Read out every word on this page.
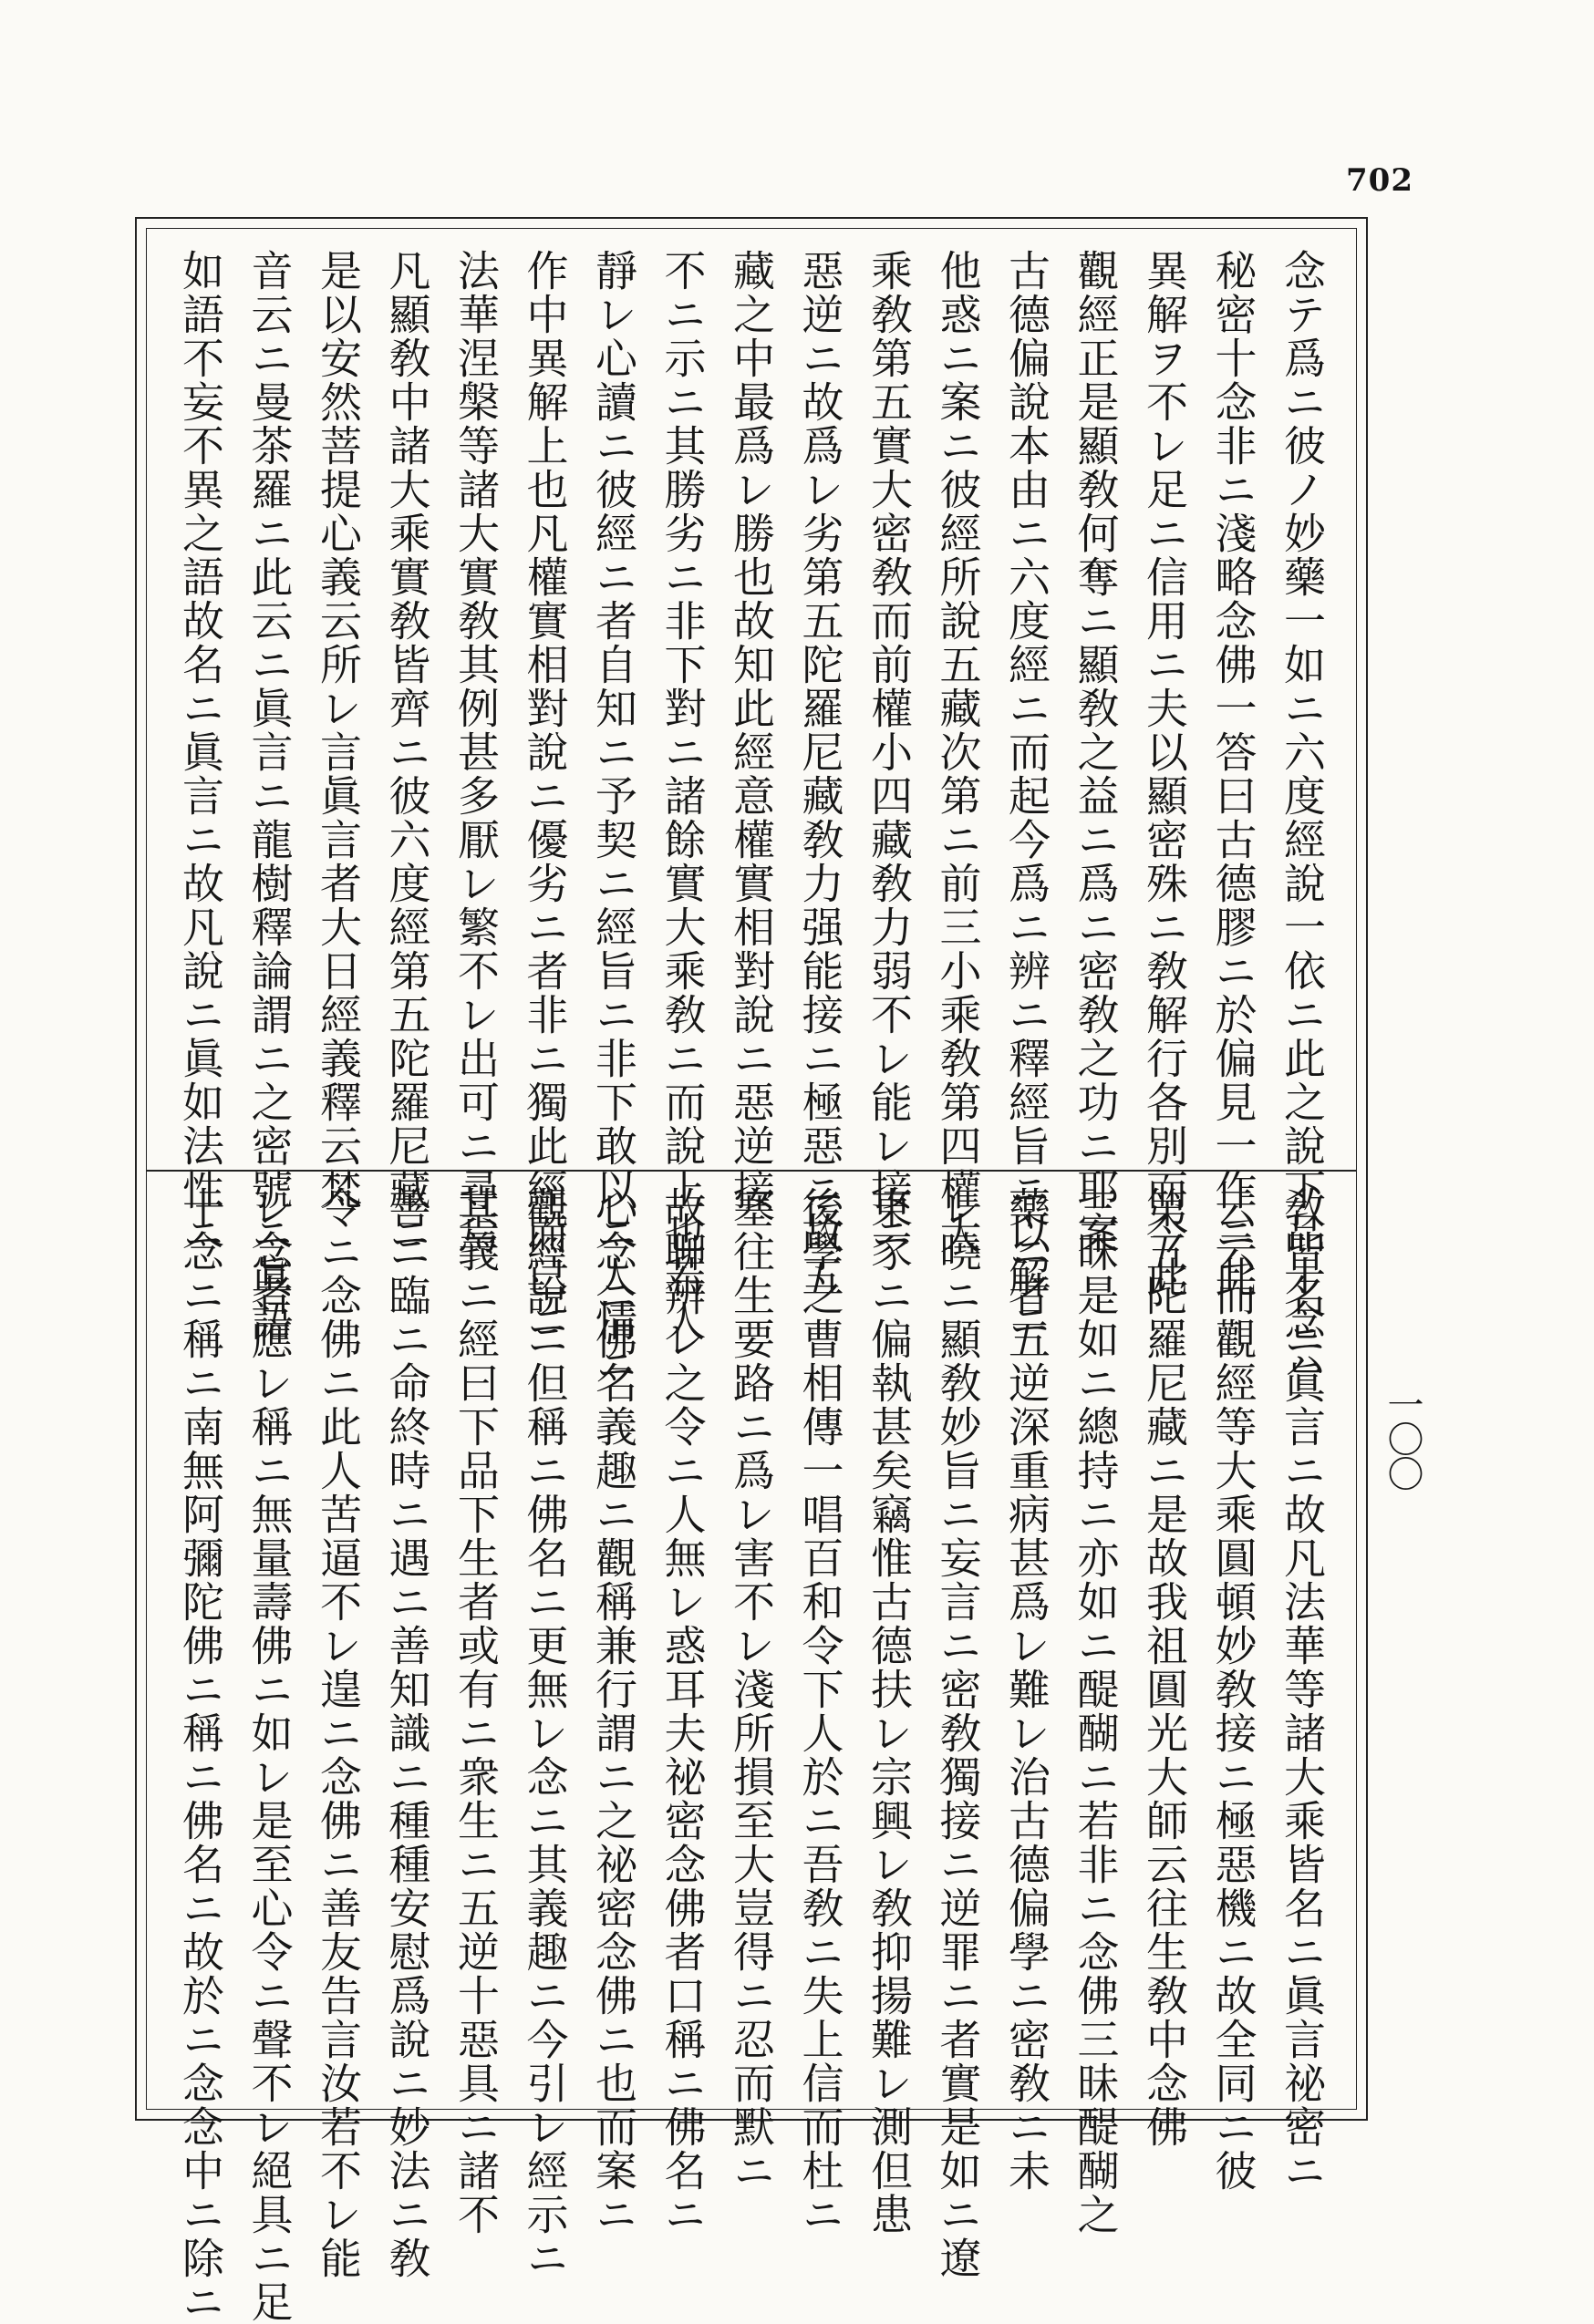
702
念テ爲ニ彼ノ妙藥一如ニ六度經說一依ニ此之說下品十念ハ
秘密十念非ニ淺略念佛一答曰古德膠ニ於偏見一作ニ此
異解ヲ不レ足ニ信用ニ夫以顯密殊ニ敎解行各別而今此
觀經正是顯敎何奪ニ顯敎之益ニ爲ニ密敎之功ニ耶案
古德偏說本由ニ六度經ニ而起今爲ニ辨ニ釋經旨ニ以解ニ
他惑ニ案ニ彼經所說五藏次第ニ前三小乘敎第四權大
乘敎第五實大密敎而前權小四藏敎力弱不レ能レ接ニ
惡逆ニ故爲レ劣第五陀羅尼藏敎力强能接ニ極惡ニ故五
藏之中最爲レ勝也故知此經意權實相對說ニ惡逆接
不ニ示ニ其勝劣ニ非下對ニ諸餘實大乘敎ニ而說上也若人
靜レ心讀ニ彼經ニ者自知ニ予契ニ經旨ニ非下敢以ニ人情ニ
作中異解上也凡權實相對說ニ優劣ニ者非ニ獨此經而已ニ
法華涅槃等諸大實敎其例甚多厭レ繁不レ出可ニ尋焉
凡顯敎中諸大乘實敎皆齊ニ彼六度經第五陀羅尼藏ニ
是以安然菩提心義云所レ言眞言者大日經義釋云梵
音云ニ曼茶羅ニ此云ニ眞言ニ龍樹釋論謂ニ之密號ニ眞語
如語不妄不異之語故名ニ眞言ニ故凡說ニ眞如法性ニ
敎皆名ニ眞言ニ故凡法華等諸大乘皆名ニ眞言祕密ニ
云云而觀經等大乘圓頓妙敎接ニ極惡機ニ故全同ニ彼
第五陀羅尼藏ニ是故我祖圓光大師云往生敎中念佛
三昧是如ニ總持ニ亦如ニ醍醐ニ若非ニ念佛三昧醍醐之
藥ニ者五逆深重病甚爲レ難レ治古德偏學ニ密敎ニ未
レ曉ニ顯敎妙旨ニ妄言ニ密敎獨接ニ逆罪ニ者實是如ニ遼
東豕ニ偏執甚矣竊惟古德扶レ宗興レ敎抑揚難レ測但患
後學之曹相傳一唱百和令下人於ニ吾敎ニ失上信而杜ニ
塞往生要路ニ爲レ害不レ淺所損至大豈得ニ忍而默ニ
故聊辨レ之令ニ人無レ惑耳夫祕密念佛者口稱ニ佛名ニ
心念ニ佛名義趣ニ觀稱兼行謂ニ之祕密念佛ニ也而案ニ
觀經說ニ但稱ニ佛名ニ更無レ念ニ其義趣ニ今引レ經示ニ
其義ニ經曰下品下生者或有ニ衆生ニ五逆十惡具ニ諸不
善ニ臨ニ命終時ニ遇ニ善知識ニ種種安慰爲說ニ妙法ニ敎
令ニ念佛ニ此人苦逼不レ遑ニ念佛ニ善友告言汝若不レ能
レ念者應レ稱ニ無量壽佛ニ如レ是至心令ニ聲不レ絕具ニ足
十念ニ稱ニ南無阿彌陀佛ニ稱ニ佛名ニ故於ニ念念中ニ除ニ	一〇〇
